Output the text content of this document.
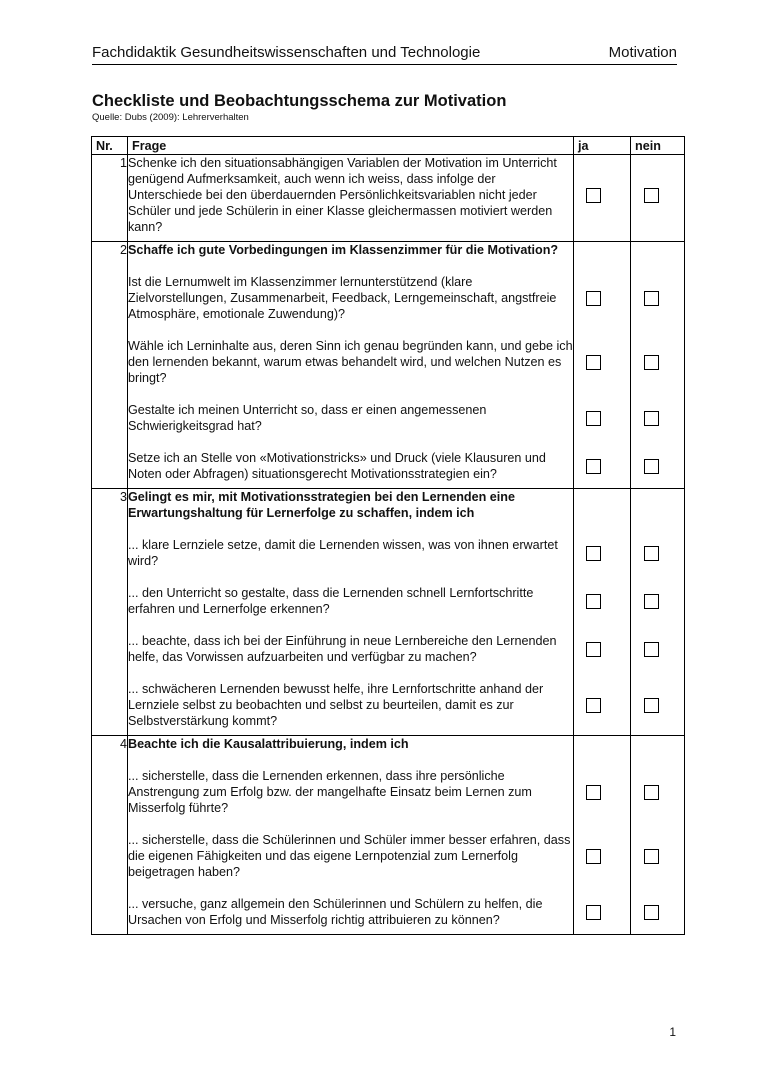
Fachdidaktik Gesundheitswissenschaften und Technologie	Motivation
Checkliste und Beobachtungsschema zur Motivation
Quelle: Dubs (2009): Lehrerverhalten
Nr.	Frage	ja	nein
1	Schenke ich den situationsabhängigen Variablen der Motivation im Unterricht genügend Aufmerksamkeit, auch wenn ich weiss, dass infolge der Unterschiede bei den überdauernden Persönlichkeitsvariablen nicht jeder Schüler und jede Schülerin in einer Klasse gleichermassen motiviert werden kann?		

2	Schaffe ich gute Vorbedingungen im Klassenzimmer für die Motivation?
Ist die Lernumwelt im Klassenzimmer lernunterstützend (klare Zielvorstellungen, Zusammenarbeit, Feedback, Lerngemeinschaft, angstfreie Atmosphäre, emotionale Zuwendung)?
Wähle ich Lerninhalte aus, deren Sinn ich genau begründen kann, und gebe ich den lernenden bekannt, warum etwas behandelt wird, und welchen Nutzen es bringt?
Gestalte ich meinen Unterricht so, dass er einen angemessenen Schwierigkeitsgrad hat?
Setze ich an Stelle von «Motivationstricks» und Druck (viele Klausuren und Noten oder Abfragen) situationsgerecht Motivationsstrategien ein?		

3	Gelingt es mir, mit Motivationsstrategien bei den Lernenden eine Erwartungshaltung für Lernerfolge zu schaffen, indem ich
... klare Lernziele setze, damit die Lernenden wissen, was von ihnen erwartet wird?
... den Unterricht so gestalte, dass die Lernenden schnell Lernfortschritte erfahren und Lernerfolge erkennen?
... beachte, dass ich bei der Einführung in neue Lernbereiche den Lernenden helfe, das Vorwissen aufzuarbeiten und verfügbar zu machen?
... schwächeren Lernenden bewusst helfe, ihre Lernfortschritte anhand der Lernziele selbst zu beobachten und selbst zu beurteilen, damit es zur Selbstverstärkung kommt?		

4	Beachte ich die Kausalattribuierung, indem ich
... sicherstelle, dass die Lernenden erkennen, dass ihre persönliche Anstrengung zum Erfolg bzw. der mangelhafte Einsatz beim Lernen zum Misserfolg führte?
... sicherstelle, dass die Schülerinnen und Schüler immer besser erfahren, dass die eigenen Fähigkeiten und das eigene Lernpotenzial zum Lernerfolg beigetragen haben?
... versuche, ganz allgemein den Schülerinnen und Schülern zu helfen, die Ursachen von Erfolg und Misserfolg richtig attribuieren zu können?		

1
